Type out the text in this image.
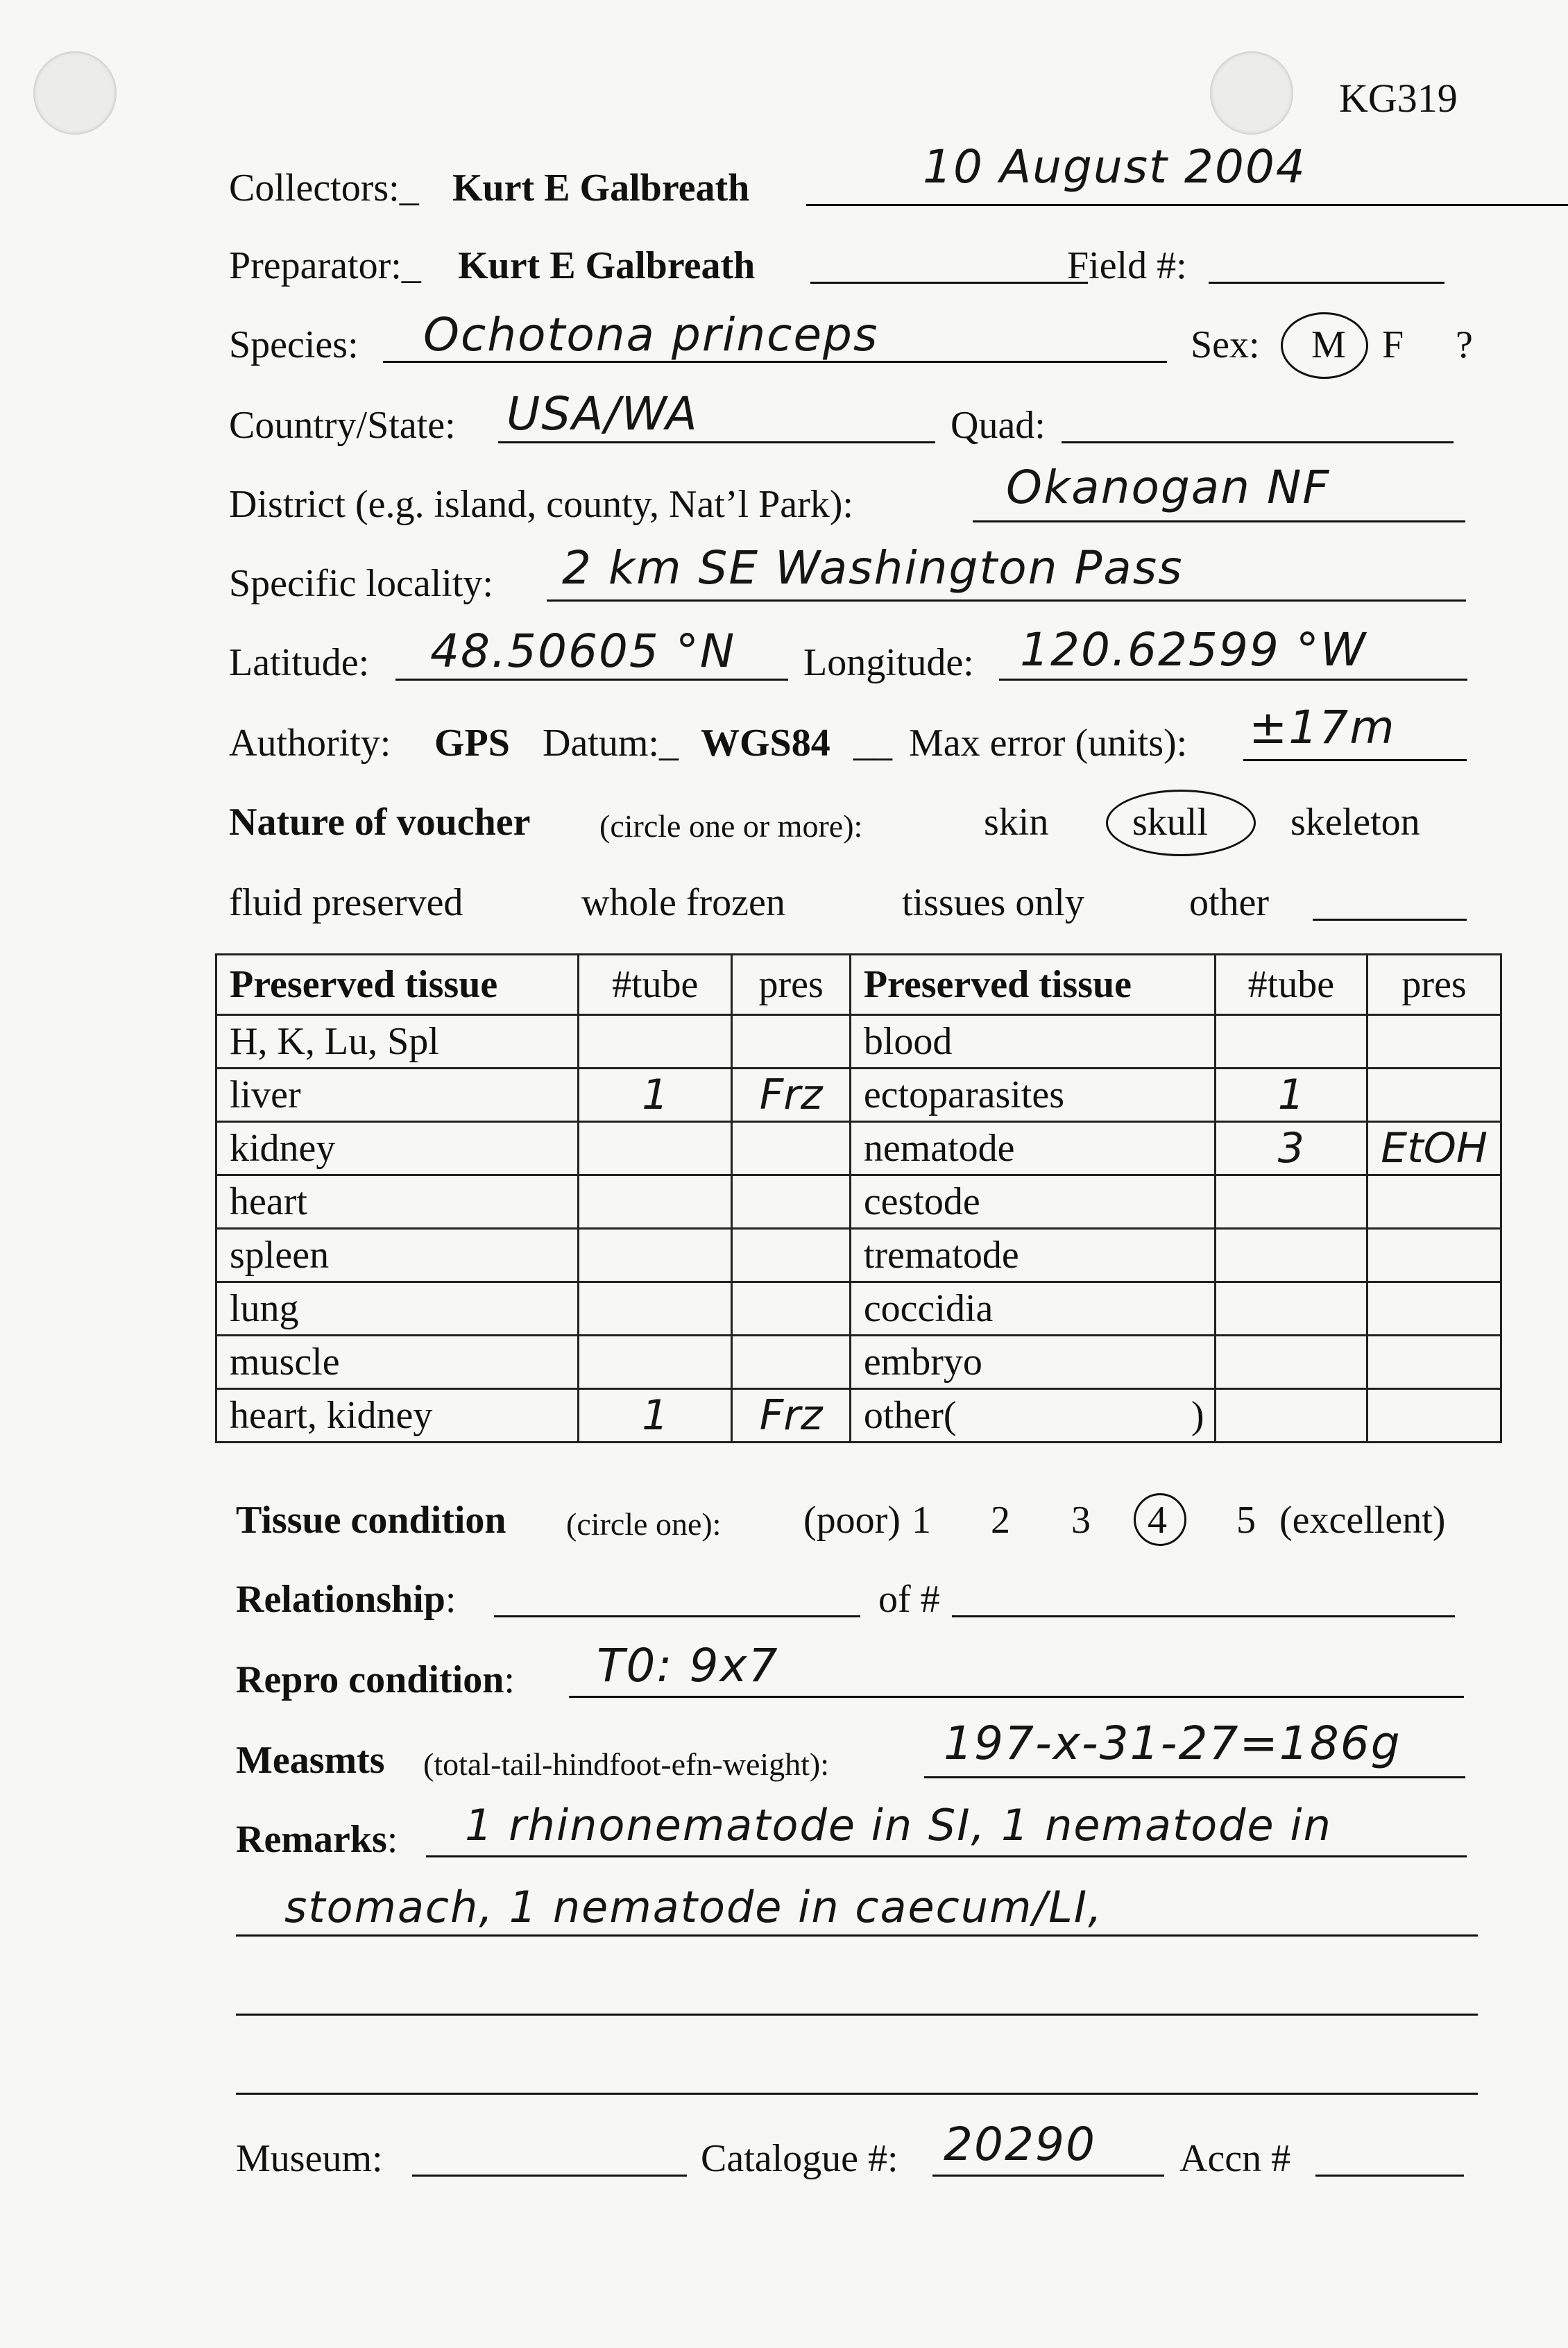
KG319
Collectors:_ Kurt E Galbreath	10 August 2004
Preparator:_ Kurt E Galbreath	Field #:
Species: Ochotona princeps	Sex: M F ?
Country/State: USA/WA	Quad:
District (e.g. island, county, Nat’l Park):	Okanogan NF
Specific locality: 2 km SE Washington Pass
Latitude: 48.50605 °N Longitude: 120.62599 °W
Authority: GPS Datum:_ WGS84 __ Max error (units): ±17m
Nature of voucher (circle one or more):	skin skull skeleton
fluid preserved	whole frozen	tissues only	other
Preserved tissue	#tube	pres	Preserved tissue	#tube	pres
H, K, Lu, Spl			blood		
liver	1	Frz	ectoparasites	1	
kidney			nematode	3	EtOH
heart			cestode		
spleen			trematode		
lung			coccidia		
muscle			embryo		
heart, kidney	1	Frz	other( )		

Tissue condition (circle one): (poor) 1 2 3 4 5 (excellent)
Relationship:	of #
Repro condition: T0: 9x7
Measmts (total-tail-hindfoot-efn-weight): 197-x-31-27=186g
Remarks: 1 rhinonematode in SI, 1 nematode in
stomach, 1 nematode in caecum/LI,
Museum:	Catalogue #: 20290 Accn #
